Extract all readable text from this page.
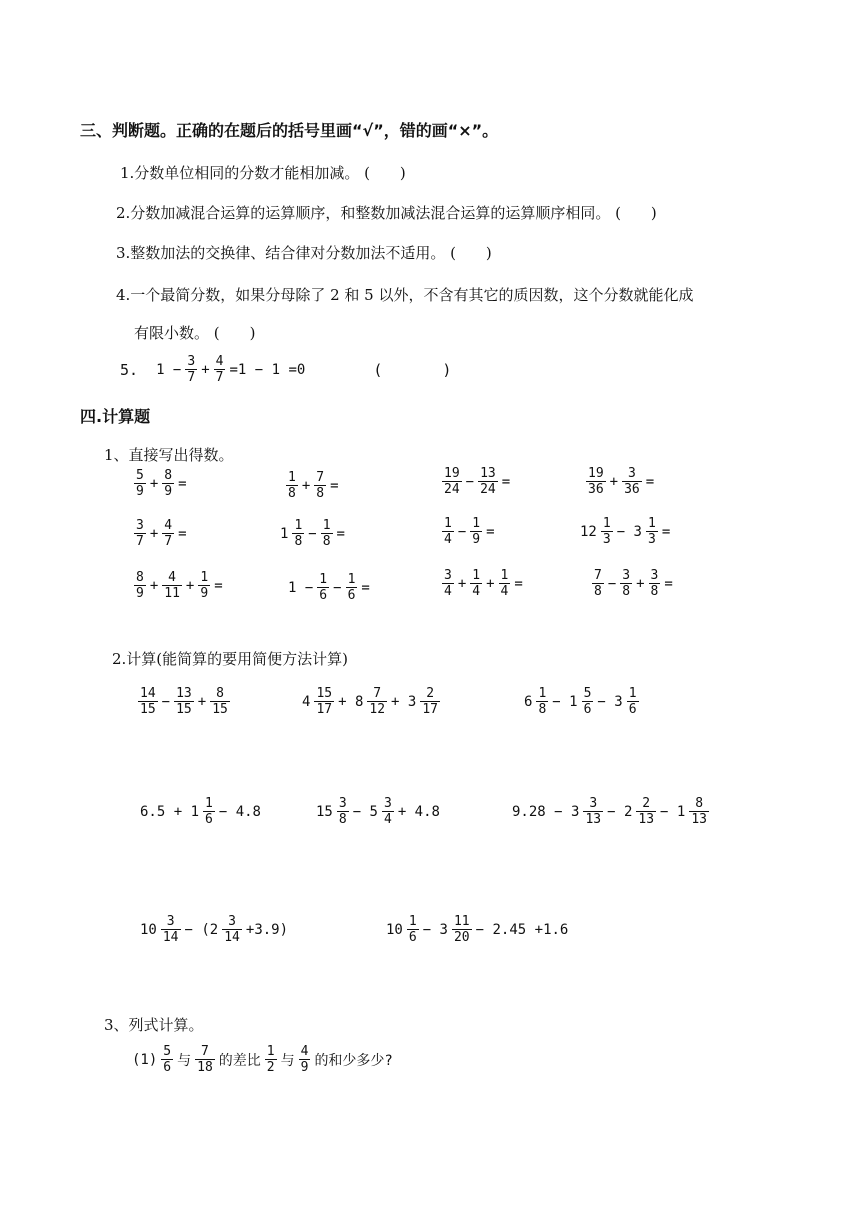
三、判断题。正确的在题后的括号里画“√”，错的画“×”。
1.分数单位相同的分数才能相加减。 (　　)
2.分数加减混合运算的运算顺序，和整数加减法混合运算的运算顺序相同。 (　　)
3.整数加法的交换律、结合律对分数加法不适用。 (　　)
4.一个最简分数，如果分母除了 2 和 5 以外，不含有其它的质因数，这个分数就能化成
有限小数。 (　　)
5. $1 - \frac{3}{7} + \frac{4}{7} =1 - 1 =0$	(　　　　)
四.计算题
1、直接写出得数。
$\frac{5}{9} + \frac{8}{9}$ =	$\frac{1}{8} + \frac{7}{8}$ =	$\frac{19}{24} - \frac{13}{24}$ =	$\frac{19}{36} + \frac{3}{36}$ =
$\frac{3}{7} + \frac{4}{7}$ =	$1 \frac{1}{8} - \frac{1}{8}$ =	$\frac{1}{4} - \frac{1}{9}$ =	$12 \frac{1}{3} - 3 \frac{1}{3}$ =
$\frac{8}{9} + \frac{4}{11} + \frac{1}{9}$ =	$1 - \frac{1}{6} - \frac{1}{6}$ =	$\frac{3}{4} + \frac{1}{4} + \frac{1}{4}$ =	$\frac{7}{8} - \frac{3}{8} + \frac{3}{8}$ =
2.计算(能简算的要用简便方法计算)
$\frac{14}{15} - \frac{13}{15} + \frac{8}{15}$	$4 \frac{15}{17} + 8 \frac{7}{12} + 3 \frac{2}{17}$	$6 \frac{1}{8} - 1 \frac{5}{6} - 3 \frac{1}{6}$
$6.5 + 1 \frac{1}{6} - 4.8$	$15 \frac{3}{8} - 5 \frac{3}{4} + 4.8$	$9.28 - 3 \frac{3}{13} - 2 \frac{2}{13} - 1 \frac{8}{13}$
$10 \frac{3}{14} - (2 \frac{3}{14} +3.9)$	$10 \frac{1}{6} - 3 \frac{11}{20} - 2.45 +1.6$
3、列式计算。
$(1) \frac{5}{6}$ 与 $\frac{7}{18}$ 的差比 $\frac{1}{2}$ 与 $\frac{4}{9}$ 的和少多少?
